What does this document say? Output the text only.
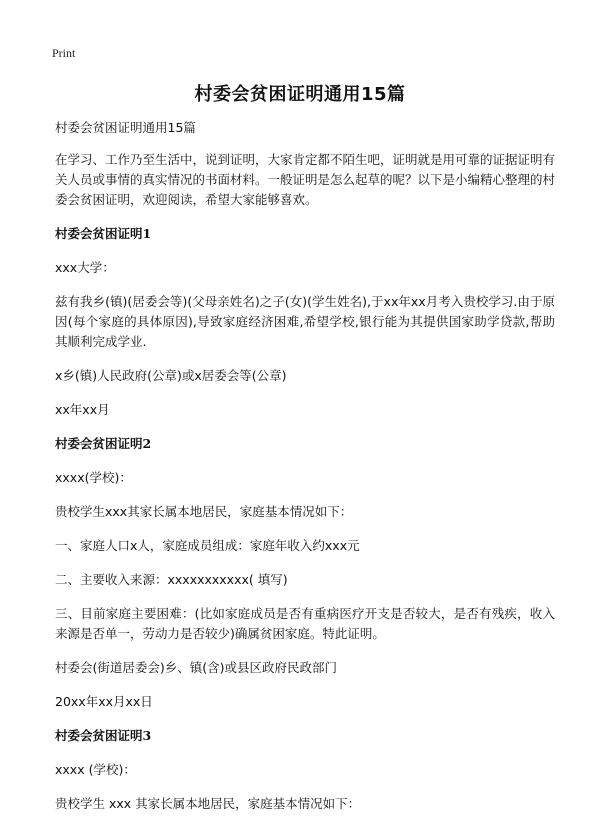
Print
村委会贫困证明通用15篇

村委会贫困证明通用15篇

在学习、工作乃至生活中，说到证明，大家肯定都不陌生吧，证明就是用可靠的证据证明有关人员或事情的真实情况的书面材料。一般证明是怎么起草的呢？以下是小编精心整理的村委会贫困证明，欢迎阅读，希望大家能够喜欢。

村委会贫困证明1

xxx大学：

兹有我乡(镇)(居委会等)(父母亲姓名)之子(女)(学生姓名),于xx年xx月考入贵校学习.由于原因(每个家庭的具体原因),导致家庭经济困难,希望学校,银行能为其提供国家助学贷款,帮助其顺利完成学业.

x乡(镇)人民政府(公章)或x居委会等(公章)

xx年xx月

村委会贫困证明2

xxxx(学校)：

贵校学生xxx其家长属本地居民，家庭基本情况如下：

一、家庭人口x人，家庭成员组成：家庭年收入约xxx元

二、主要收入来源：xxxxxxxxxxx( 填写)

三、目前家庭主要困难：(比如家庭成员是否有重病医疗开支是否较大，是否有残疾，收入来源是否单一，劳动力是否较少)确属贫困家庭。特此证明。

村委会(街道居委会)乡、镇(含)或县区政府民政部门

20xx年xx月xx日

村委会贫困证明3

xxxx (学校)：

贵校学生 xxx 其家长属本地居民，家庭基本情况如下：
